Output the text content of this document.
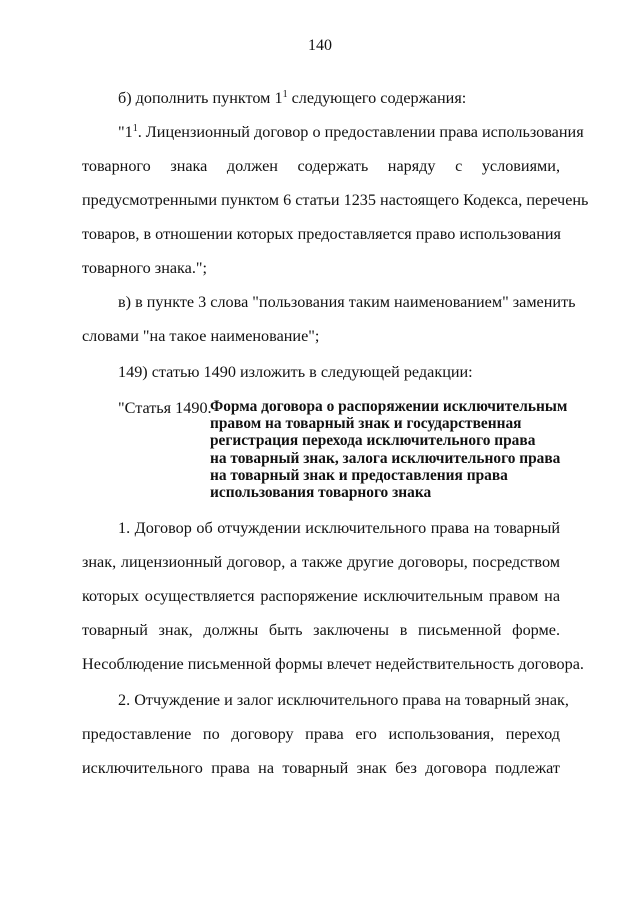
140
б) дополнить пунктом $1^1$ следующего содержания:
"$1^1$. Лицензионный договор о предоставлении права использования
товарного знака должен содержать наряду с условиями,
предусмотренными пунктом 6 статьи 1235 настоящего Кодекса, перечень
товаров, в отношении которых предоставляется право использования
товарного знака.";
в) в пункте 3 слова "пользования таким наименованием" заменить
словами "на такое наименование";
149) статью 1490 изложить в следующей редакции:
"Статья 1490.
Форма договора о распоряжении исключительным
правом на товарный знак и государственная
регистрация перехода исключительного права
на товарный знак, залога исключительного права
на товарный знак и предоставления права
использования товарного знака
1. Договор об отчуждении исключительного права на товарный
знак, лицензионный договор, а также другие договоры, посредством
которых осуществляется распоряжение исключительным правом на
товарный знак, должны быть заключены в письменной форме.
Несоблюдение письменной формы влечет недействительность договора.
2. Отчуждение и залог исключительного права на товарный знак,
предоставление по договору права его использования, переход
исключительного права на товарный знак без договора подлежат
